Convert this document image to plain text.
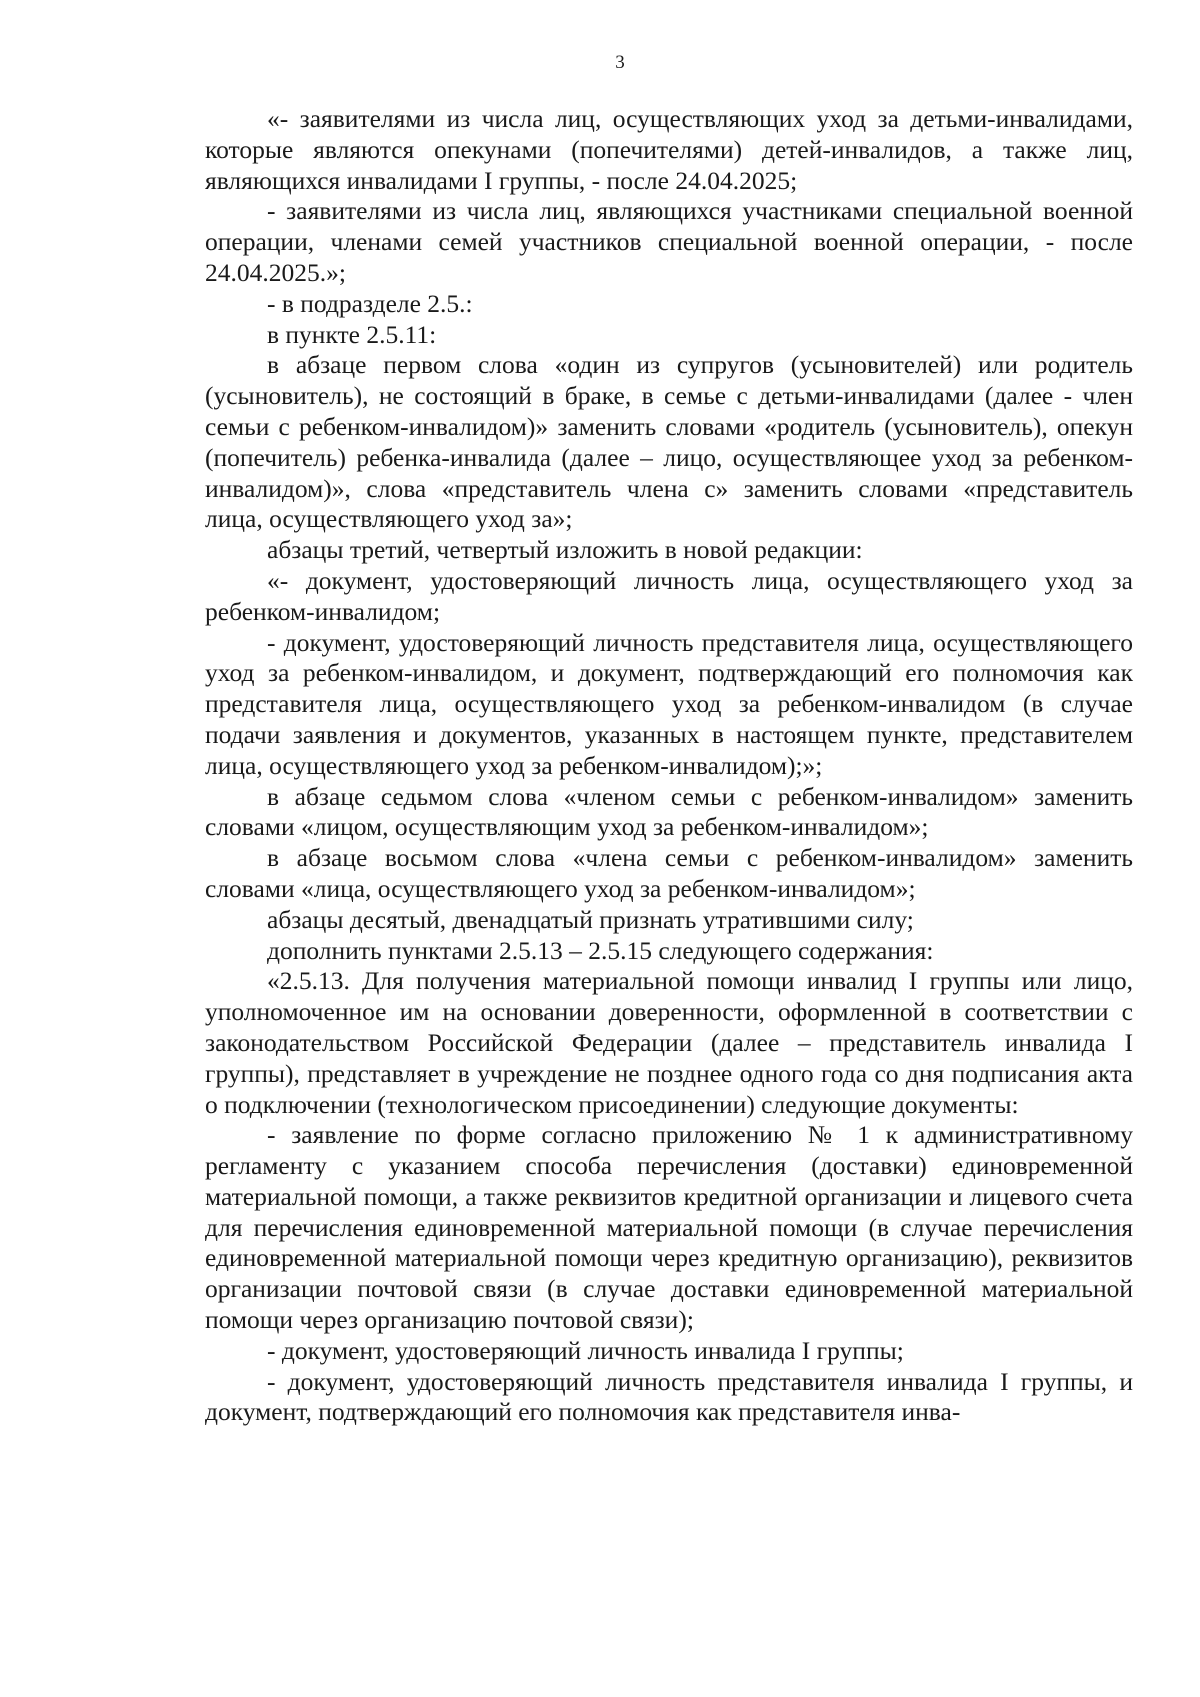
3

«- заявителями из числа лиц, осуществляющих уход за детьми-инвалидами, которые являются опекунами (попечителями) детей-инвалидов, а также лиц, являющихся инвалидами I группы, - после 24.04.2025;

- заявителями из числа лиц, являющихся участниками специальной военной операции, членами семей участников специальной военной операции, - после 24.04.2025.»;

- в подразделе 2.5.:

в пункте 2.5.11:

в абзаце первом слова «один из супругов (усыновителей) или родитель (усыновитель), не состоящий в браке, в семье с детьми-инвалидами (далее - член семьи с ребенком-инвалидом)» заменить словами «родитель (усыновитель), опекун (попечитель) ребенка-инвалида (далее – лицо, осуществляющее уход за ребенком-инвалидом)», слова «представитель члена с» заменить словами «представитель лица, осуществляющего уход за»;

абзацы третий, четвертый изложить в новой редакции:

«- документ, удостоверяющий личность лица, осуществляющего уход за ребенком-инвалидом;

- документ, удостоверяющий личность представителя лица, осуществляющего уход за ребенком-инвалидом, и документ, подтверждающий его полномочия как представителя лица, осуществляющего уход за ребенком-инвалидом (в случае подачи заявления и документов, указанных в настоящем пункте, представителем лица, осуществляющего уход за ребенком-инвалидом);»;

в абзаце седьмом слова «членом семьи с ребенком-инвалидом» заменить словами «лицом, осуществляющим уход за ребенком-инвалидом»;

в абзаце восьмом слова «члена семьи с ребенком-инвалидом» заменить словами «лица, осуществляющего уход за ребенком-инвалидом»;

абзацы десятый, двенадцатый признать утратившими силу;

дополнить пунктами 2.5.13 – 2.5.15 следующего содержания:

«2.5.13. Для получения материальной помощи инвалид I группы или лицо, уполномоченное им на основании доверенности, оформленной в соответствии с законодательством Российской Федерации (далее – представитель инвалида I группы), представляет в учреждение не позднее одного года со дня подписания акта о подключении (технологическом присоединении) следующие документы:

- заявление по форме согласно приложению № 1 к административному регламенту с указанием способа перечисления (доставки) единовременной материальной помощи, а также реквизитов кредитной организации и лицевого счета для перечисления единовременной материальной помощи (в случае перечисления единовременной материальной помощи через кредитную организацию), реквизитов организации почтовой связи (в случае доставки единовременной материальной помощи через организацию почтовой связи);

- документ, удостоверяющий личность инвалида I группы;

- документ, удостоверяющий личность представителя инвалида I группы, и документ, подтверждающий его полномочия как представителя инва-
